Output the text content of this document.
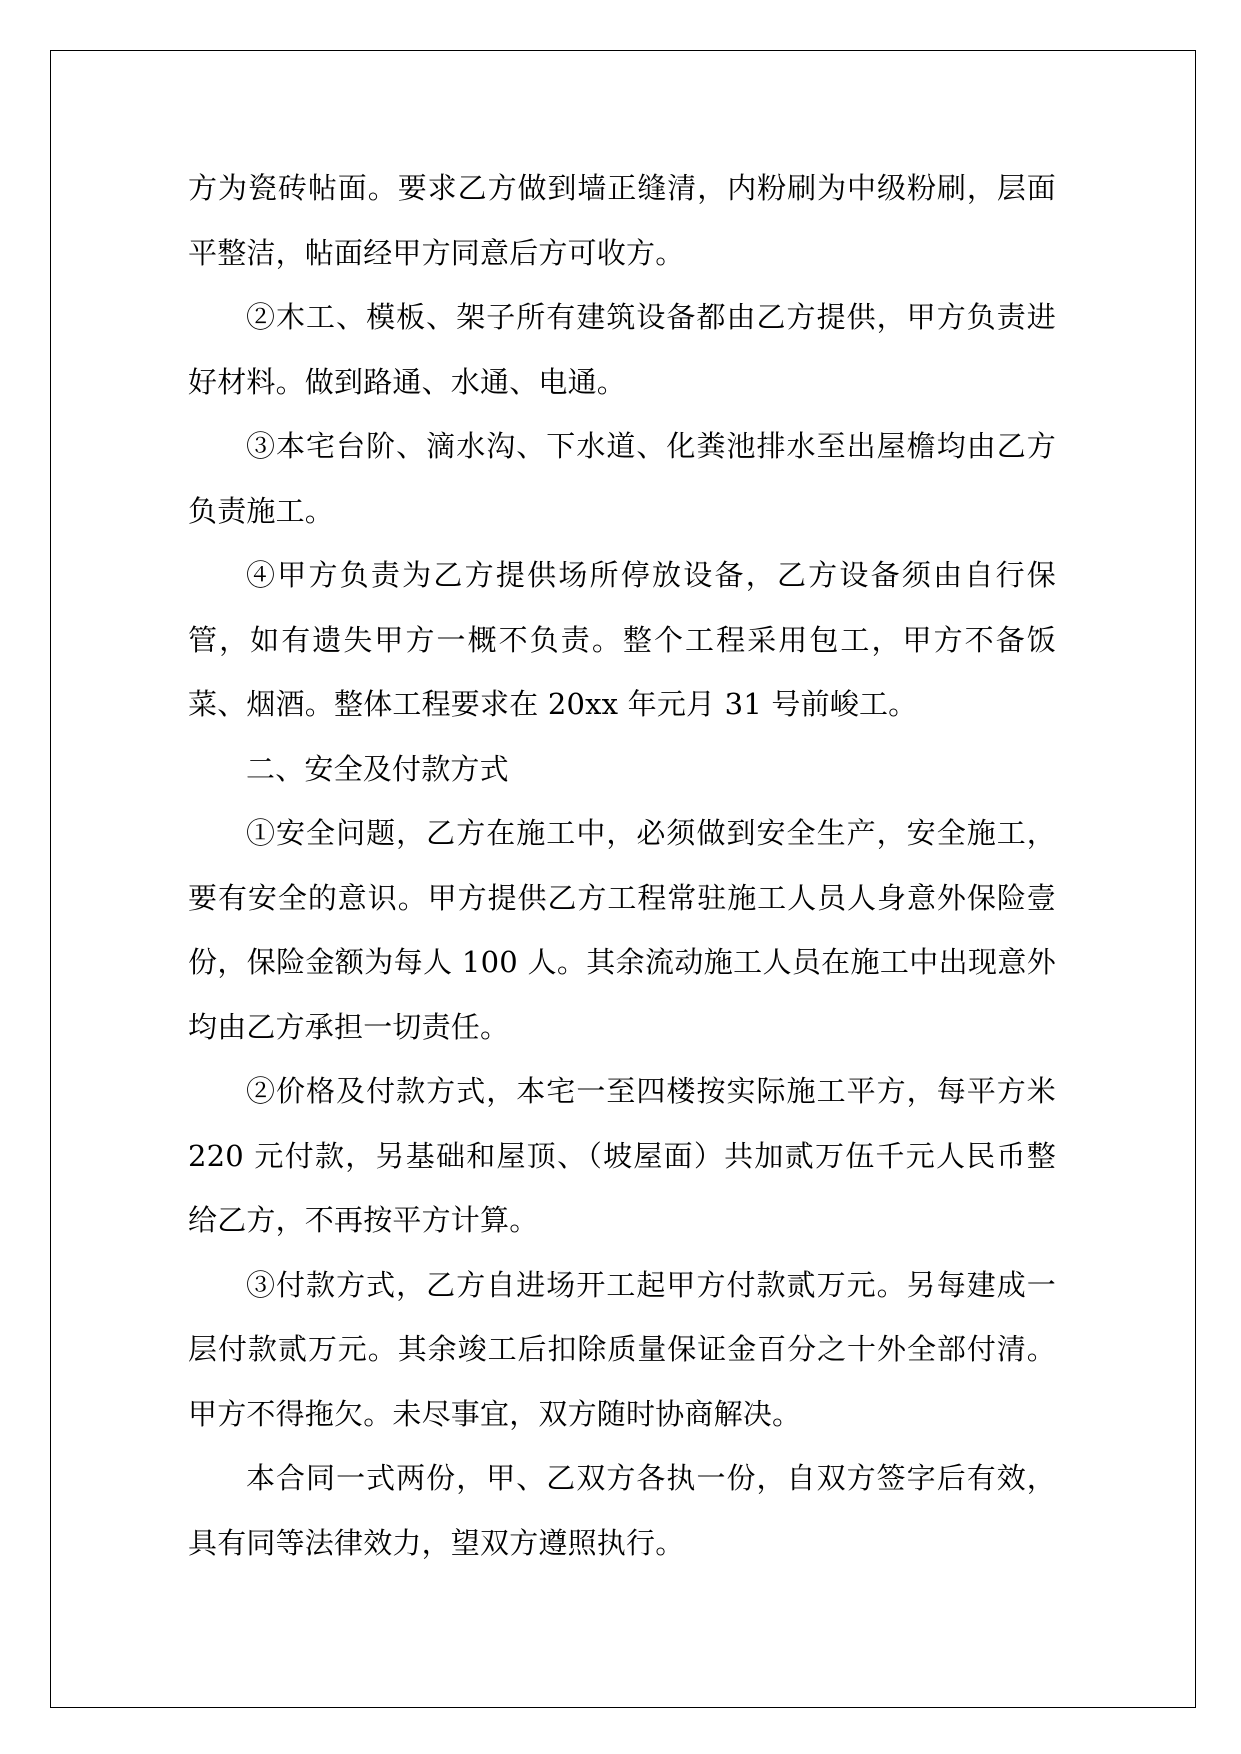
方为瓷砖帖面。要求乙方做到墙正缝清，内粉刷为中级粉刷，层面平整洁，帖面经甲方同意后方可收方。

②木工、模板、架子所有建筑设备都由乙方提供，甲方负责进好材料。做到路通、水通、电通。

③本宅台阶、滴水沟、下水道、化粪池排水至出屋檐均由乙方负责施工。

④甲方负责为乙方提供场所停放设备，乙方设备须由自行保管，如有遗失甲方一概不负责。整个工程采用包工，甲方不备饭菜、烟酒。整体工程要求在 20xx 年元月 31 号前峻工。

二、安全及付款方式

①安全问题，乙方在施工中，必须做到安全生产，安全施工，要有安全的意识。甲方提供乙方工程常驻施工人员人身意外保险壹份，保险金额为每人 100 人。其余流动施工人员在施工中出现意外均由乙方承担一切责任。

②价格及付款方式，本宅一至四楼按实际施工平方，每平方米 220 元付款，另基础和屋顶、（坡屋面）共加贰万伍千元人民币整给乙方，不再按平方计算。

③付款方式，乙方自进场开工起甲方付款贰万元。另每建成一层付款贰万元。其余竣工后扣除质量保证金百分之十外全部付清。甲方不得拖欠。未尽事宜，双方随时协商解决。

本合同一式两份，甲、乙双方各执一份，自双方签字后有效，具有同等法律效力，望双方遵照执行。
